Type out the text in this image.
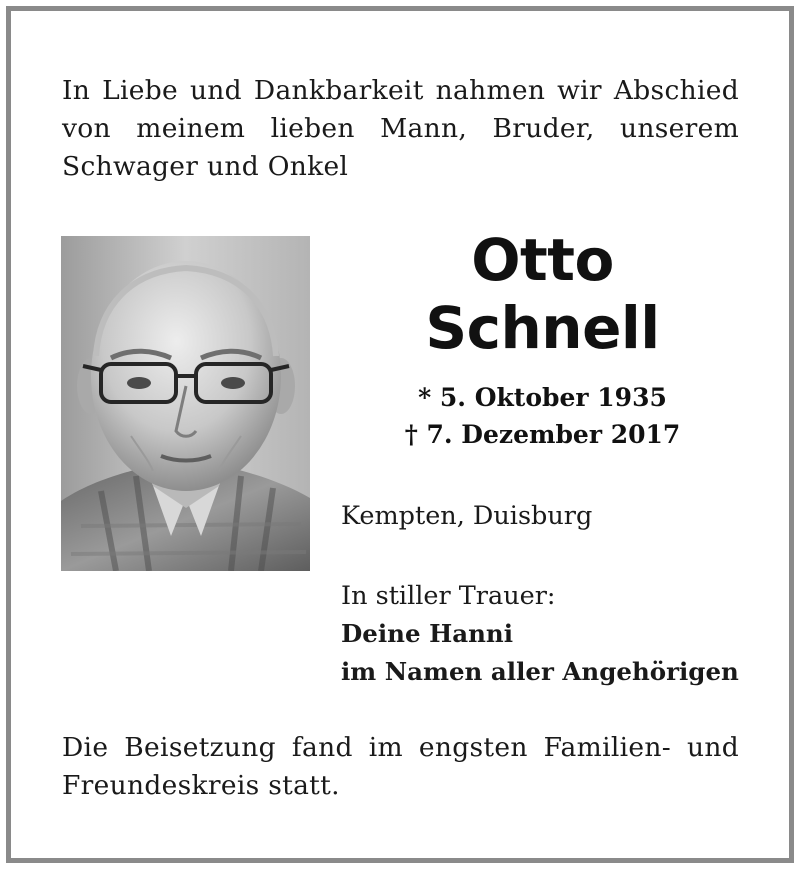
In Liebe und Dankbarkeit nahmen wir Abschied
von meinem lieben Mann, Bruder, unserem
Schwager und Onkel

Otto
Schnell
* 5. Oktober 1935
† 7. Dezember 2017
Kempten, Duisburg
In stiller Trauer:
Deine Hanni
im Namen aller Angehörigen

Die Beisetzung fand im engsten Familien- und
Freundeskreis statt.
